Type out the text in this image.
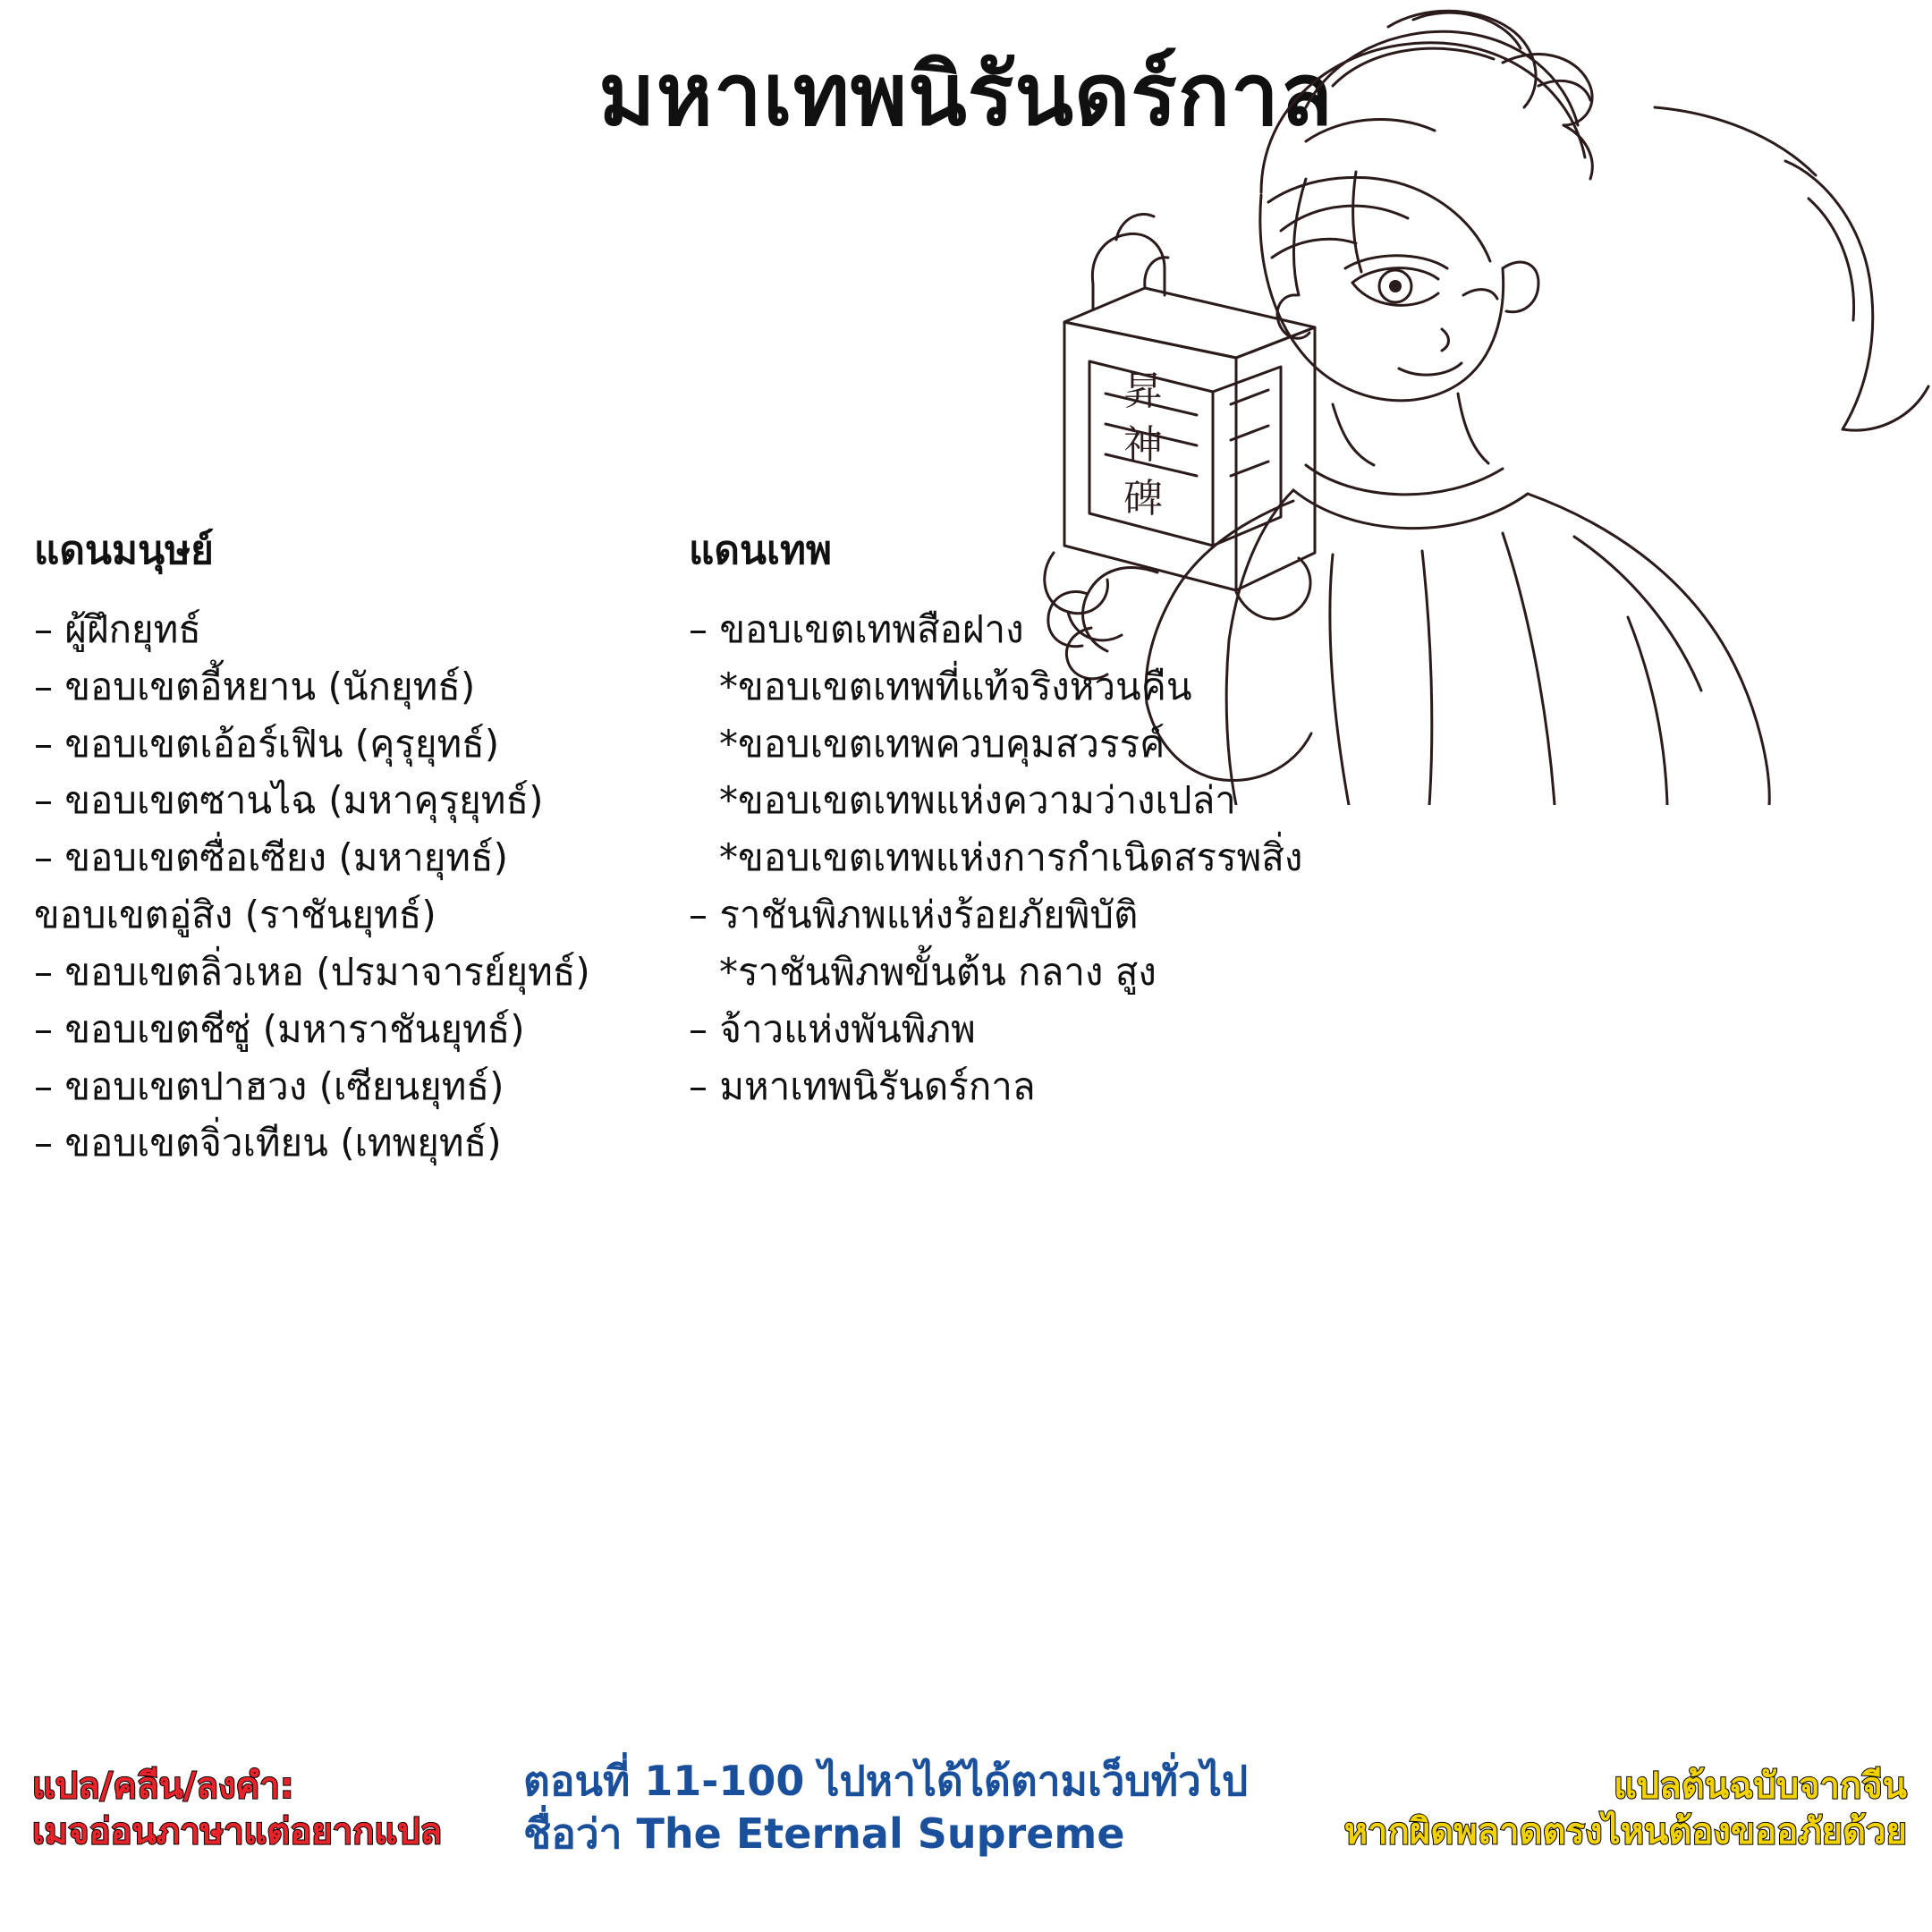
มหาเทพนิรันดร์กาล
昇
神
碑
แดนมนุษย์
– ผู้ฝึกยุทธ์
– ขอบเขตอี้หยาน (นักยุทธ์)
– ขอบเขตเอ้อร์เฟิน (คุรุยุทธ์)
– ขอบเขตซานไฉ (มหาคุรุยุทธ์)
– ขอบเขตซื่อเซียง (มหายุทธ์)
ขอบเขตอู่สิง (ราชันยุทธ์)
– ขอบเขตลิ่วเหอ (ปรมาจารย์ยุทธ์)
– ขอบเขตชีซู่ (มหาราชันยุทธ์)
– ขอบเขตปาฮวง (เซียนยุทธ์)
– ขอบเขตจิ่วเทียน (เทพยุทธ์)
แดนเทพ
– ขอบเขตเทพสือฝาง
*ขอบเขตเทพที่แท้จริงหวนคืน
*ขอบเขตเทพควบคุมสวรรค์
*ขอบเขตเทพแห่งความว่างเปล่า
*ขอบเขตเทพแห่งการกำเนิดสรรพสิ่ง
– ราชันพิภพแห่งร้อยภัยพิบัติ
*ราชันพิภพขั้นต้น กลาง สูง
– จ้าวแห่งพันพิภพ
– มหาเทพนิรันดร์กาล
แปล/คลีน/ลงคำ:
เมจอ่อนภาษาแต่อยากแปล
ตอนที่ 11-100 ไปหาได้ได้ตามเว็บทั่วไป
ชื่อว่า The Eternal Supreme
แปลต้นฉบับจากจีน
หากผิดพลาดตรงไหนต้องขออภัยด้วย
